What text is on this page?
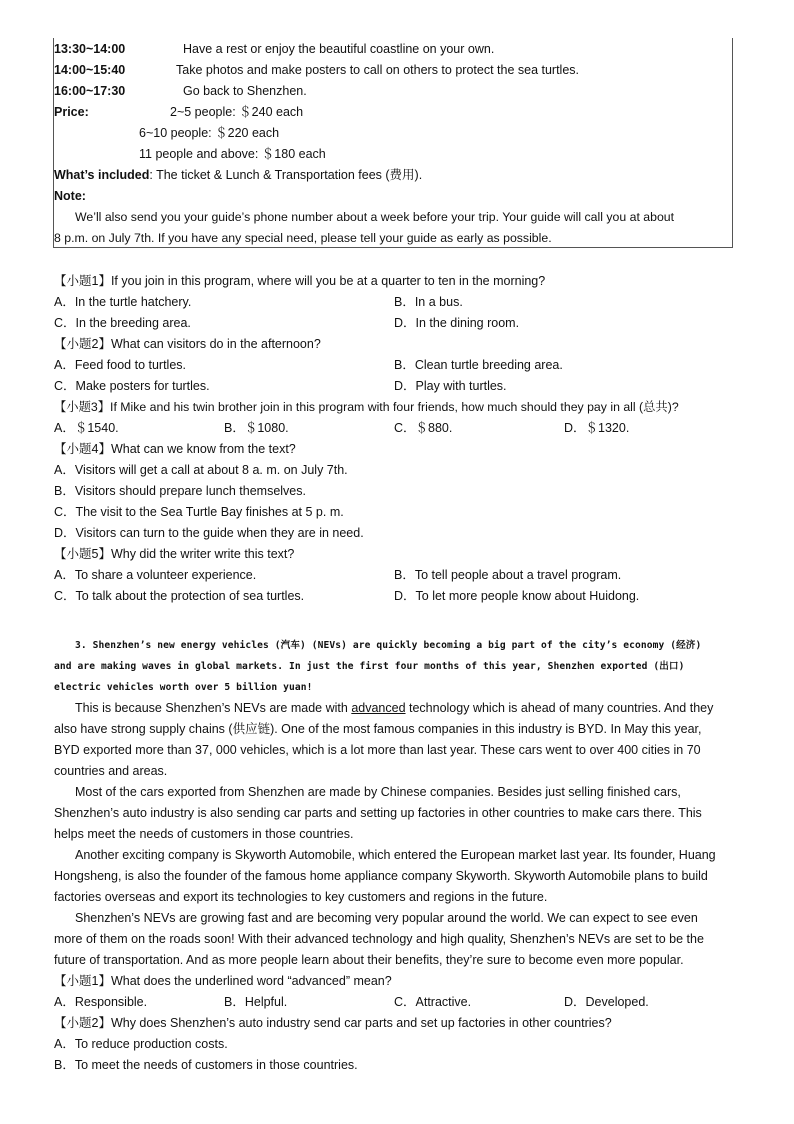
13:30~14:00	Have a rest or enjoy the beautiful coastline on your own.
14:00~15:40	Take photos and make posters to call on others to protect the sea turtles.
16:00~17:30	Go back to Shenzhen.
Price:	2~5 people: ＄240 each
6~10 people: ＄220 each
11 people and above: ＄180 each
What’s included: The ticket & Lunch & Transportation fees (费用).
Note:
We’ll also send you your guide’s phone number about a week before your trip. Your guide will call you at about
8 p.m. on July 7th. If you have any special need, please tell your guide as early as possible.
【小题1】If you join in this program, where will you be at a quarter to ten in the morning?
A．In the turtle hatchery.	B．In a bus.
C．In the breeding area.	D．In the dining room.
【小题2】What can visitors do in the afternoon?
A．Feed food to turtles.	B．Clean turtle breeding area.
C．Make posters for turtles.	D．Play with turtles.
【小题3】If Mike and his twin brother join in this program with four friends, how much should they pay in all (总共)?
A．＄1540.	B．＄1080.	C．＄880.	D．＄1320.
【小题4】What can we know from the text?
A．Visitors will get a call at about 8 a. m. on July 7th.
B．Visitors should prepare lunch themselves.
C．The visit to the Sea Turtle Bay finishes at 5 p. m.
D．Visitors can turn to the guide when they are in need.
【小题5】Why did the writer write this text?
A．To share a volunteer experience.	B．To tell people about a travel program.
C．To talk about the protection of sea turtles.	D．To let more people know about Huidong.
3. Shenzhen’s new energy vehicles (汽车) (NEVs) are quickly becoming a big part of the city’s economy (经济)
and are making waves in global markets. In just the first four months of this year, Shenzhen exported (出口)
electric vehicles worth over 5 billion yuan!
This is because Shenzhen’s NEVs are made with advanced technology which is ahead of many countries. And they
also have strong supply chains (供应链). One of the most famous companies in this industry is BYD. In May this year,
BYD exported more than 37, 000 vehicles, which is a lot more than last year. These cars went to over 400 cities in 70
countries and areas.
Most of the cars exported from Shenzhen are made by Chinese companies. Besides just selling finished cars,
Shenzhen’s auto industry is also sending car parts and setting up factories in other countries to make cars there. This
helps meet the needs of customers in those countries.
Another exciting company is Skyworth Automobile, which entered the European market last year. Its founder, Huang
Hongsheng, is also the founder of the famous home appliance company Skyworth. Skyworth Automobile plans to build
factories overseas and export its technologies to key customers and regions in the future.
Shenzhen’s NEVs are growing fast and are becoming very popular around the world. We can expect to see even
more of them on the roads soon! With their advanced technology and high quality, Shenzhen’s NEVs are set to be the
future of transportation. And as more people learn about their benefits, they’re sure to become even more popular.
【小题1】What does the underlined word “advanced” mean?
A．Responsible.	B．Helpful.	C．Attractive.	D．Developed.
【小题2】Why does Shenzhen’s auto industry send car parts and set up factories in other countries?
A．To reduce production costs.
B．To meet the needs of customers in those countries.
